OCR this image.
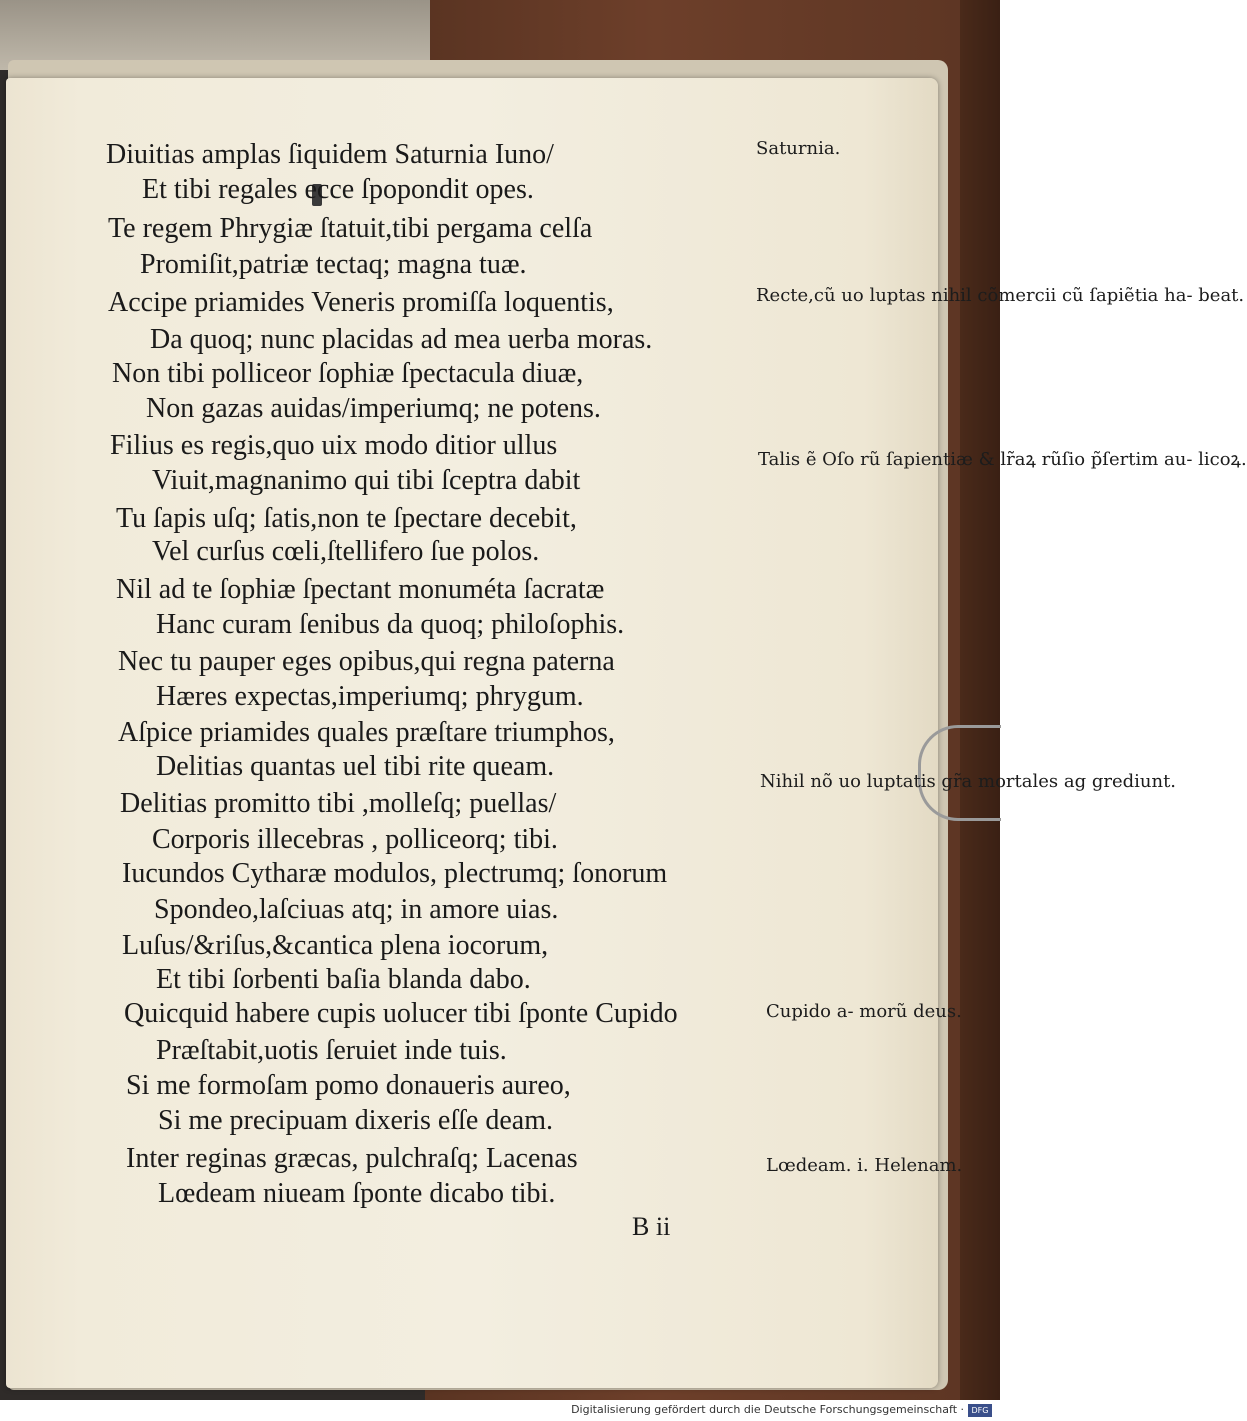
Diuitias amplas ſiquidem Saturnia Iuno/

Et tibi regales ecce ſpopondit opes.

Te regem Phrygiæ ſtatuit,tibi pergama celſa

Promiſit,patriæ tectaq; magna tuæ.

Accipe priamides Veneris promiſſa loquentis,

Da quoq; nunc placidas ad mea uerba moras.

Non tibi polliceor ſophiæ ſpectacula diuæ,

Non gazas auidas/imperiumq; ne potens.

Filius es regis,quo uix modo ditior ullus

Viuit,magnanimo qui tibi ſceptra dabit

Tu ſapis uſq; ſatis,non te ſpectare decebit,

Vel curſus cœli,ſtellifero ſue polos.

Nil ad te ſophiæ ſpectant monuméta ſacratæ

Hanc curam ſenibus da quoq; philoſophis.

Nec tu pauper eges opibus,qui regna paterna

Hæres expectas,imperiumq; phrygum.

Aſpice priamides quales præſtare triumphos,

Delitias quantas uel tibi rite queam.

Delitias promitto tibi ,molleſq; puellas/

Corporis illecebras , polliceorq; tibi.

Iucundos Cytharæ modulos, plectrumq; ſonorum

Spondeo,laſciuas atq; in amore uias.

Luſus/&riſus,&cantica plena iocorum,

Et tibi ſorbenti baſia blanda dabo.

Quicquid habere cupis uolucer tibi ſponte Cupido

Præſtabit,uotis ſeruiet inde tuis.

Si me formoſam pomo donaueris aureo,

Si me precipuam dixeris eſſe deam.

Inter reginas græcas, pulchraſq; Lacenas

Lœdeam niueam ſponte dicabo tibi.

Saturnia.
Recte,cũ uo luptas nihil cõmercii cũ ſapiẽtia ha- beat.
Talis ẽ Oſo rũ ſapientiæ & lr̃aꝝ rũſio p̃ſertim au- licoꝝ.
Nihil nõ uo luptatis gr̃a mortales ag grediunt.
Cupido a- morũ deus.
Lœdeam. i. Helenam.

B ii

Digitalisierung gefördert durch die Deutsche Forschungsgemeinschaft · DFG
